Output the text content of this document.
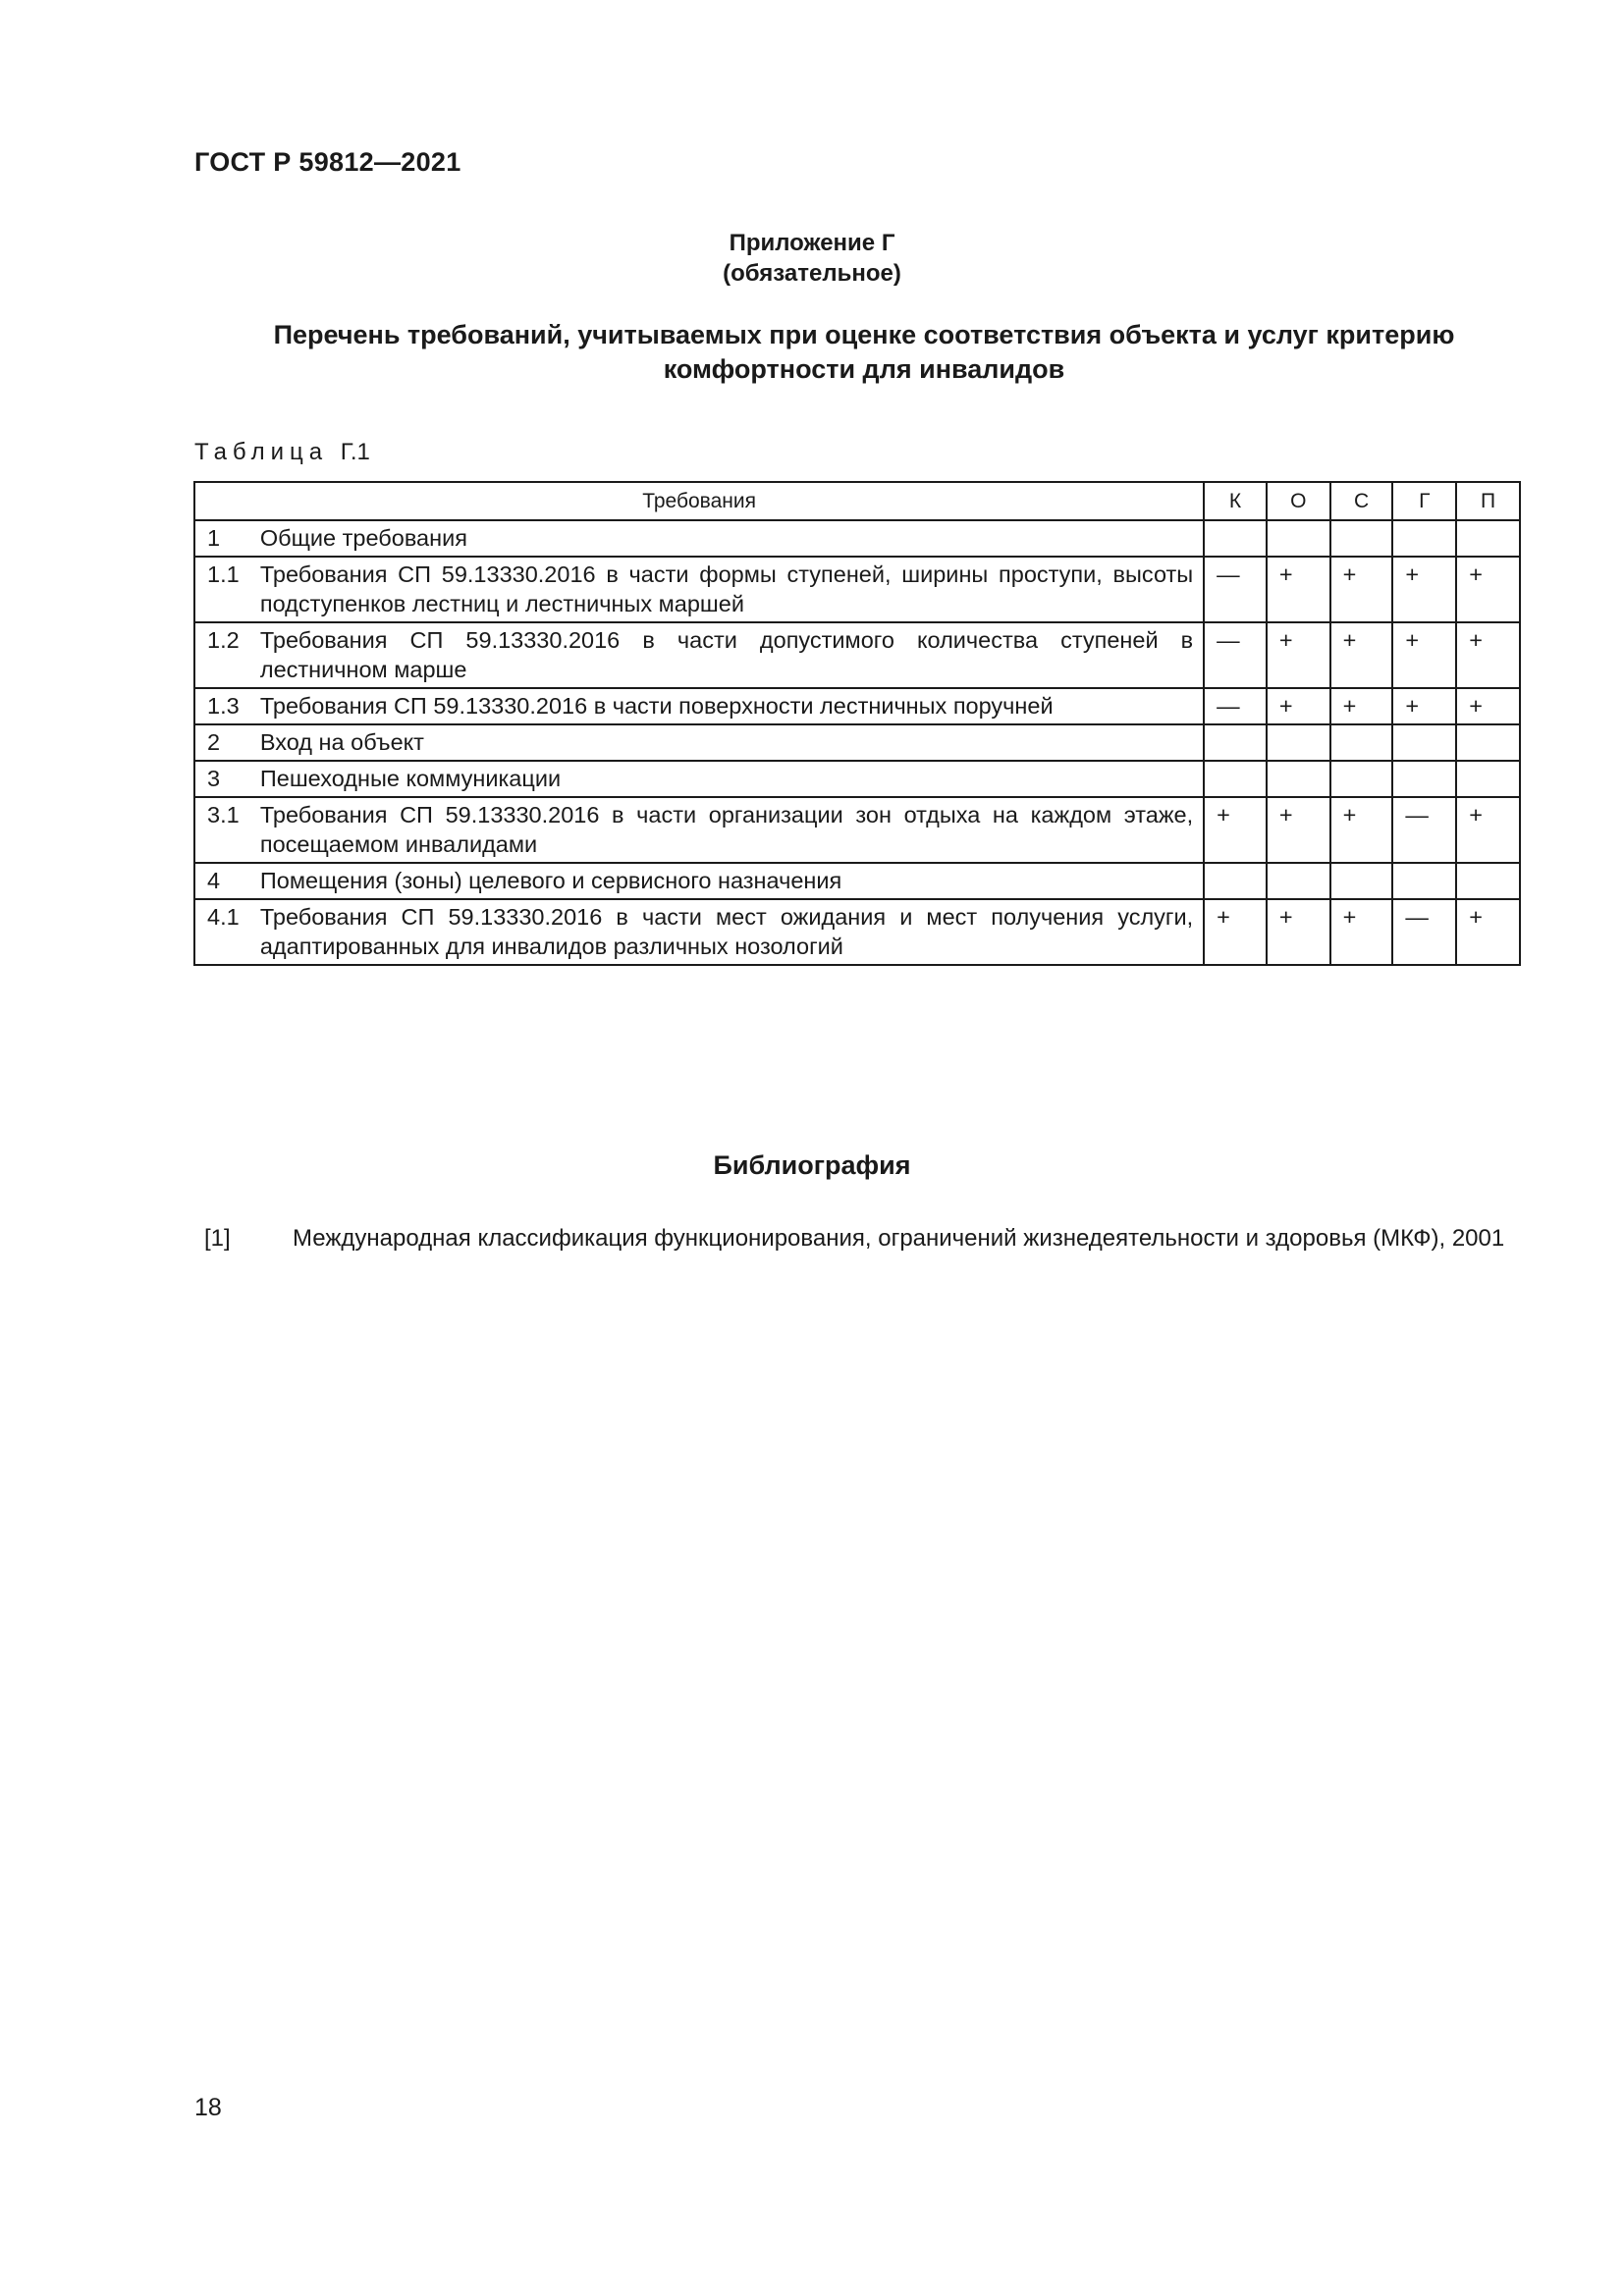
ГОСТ Р 59812—2021
Приложение Г
(обязательное)
Перечень требований, учитываемых при оценке соответствия объекта и услуг критерию
комфортности для инвалидов
Таблица Г.1
Требования		К	О	С	Г	П
1	Общие требования					
1.1	Требования СП 59.13330.2016 в части формы ступеней, ширины проступи, высоты подступенков лестниц и лестничных маршей	—	+	+	+	+
1.2	Требования СП 59.13330.2016 в части допустимого количества ступеней в лестничном марше	—	+	+	+	+
1.3	Требования СП 59.13330.2016 в части поверхности лестничных поручней	—	+	+	+	+
2	Вход на объект					
3	Пешеходные коммуникации					
3.1	Требования СП 59.13330.2016 в части организации зон отдыха на каждом этаже, посещаемом инвалидами	+	+	+	—	+
4	Помещения (зоны) целевого и сервисного назначения					
4.1	Требования СП 59.13330.2016 в части мест ожидания и мест получения услуги, адаптированных для инвалидов различных нозологий	+	+	+	—	+
Библиография
[1]	Международная классификация функционирования, ограничений жизнедеятельности и здоровья (МКФ), 2001
18
